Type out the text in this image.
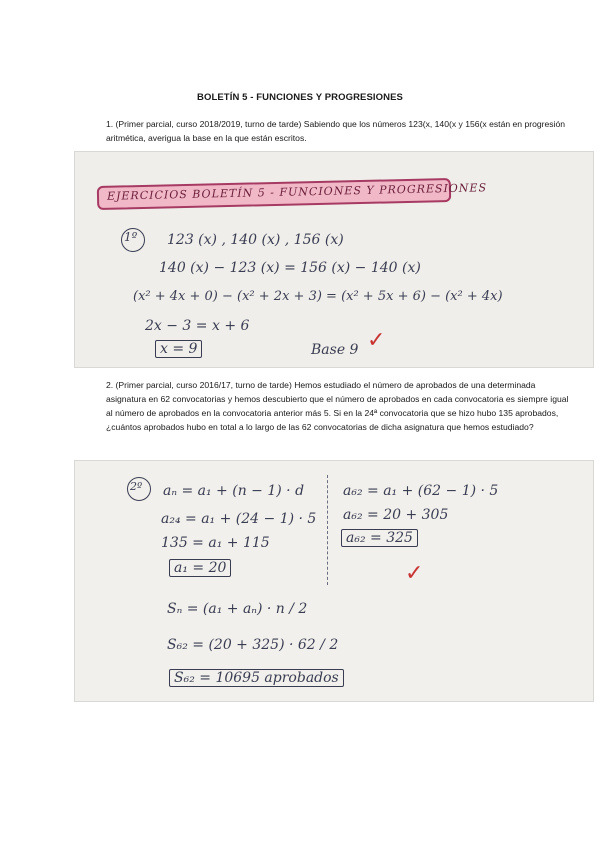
BOLETÍN 5 - FUNCIONES Y PROGRESIONES
1. (Primer parcial, curso 2018/2019, turno de tarde) Sabiendo que los números 123(x, 140(x y 156(x están en progresión aritmética, averigua la base en la que están escritos.
EJERCICIOS BOLETÍN 5 - FUNCIONES Y PROGRESIONES
1º 123 (x) , 140 (x) , 156 (x)
140 (x) − 123 (x) = 156 (x) − 140 (x)
(x² + 4x + 0) − (x² + 2x + 3) = (x² + 5x + 6) − (x² + 4x)
2x − 3 = x + 6
x = 9	Base 9 ✓
2. (Primer parcial, curso 2016/17, turno de tarde) Hemos estudiado el número de aprobados de una determinada asignatura en 62 convocatorias y hemos descubierto que el número de aprobados en cada convocatoria es siempre igual al número de aprobados en la convocatoria anterior más 5. Si en la 24ª convocatoria que se hizo hubo 135 aprobados, ¿cuántos aprobados hubo en total a lo largo de las 62 convocatorias de dicha asignatura que hemos estudiado?
2º aₙ = a₁ + (n − 1) · d
a₂₄ = a₁ + (24 − 1) · 5
135 = a₁ + 115
a₁ = 20
a₆₂ = a₁ + (62 − 1) · 5
a₆₂ = 20 + 305
a₆₂ = 325
✓
Sₙ = (a₁ + aₙ) · n / 2
S₆₂ = (20 + 325) · 62 / 2
S₆₂ = 10695 aprobados
